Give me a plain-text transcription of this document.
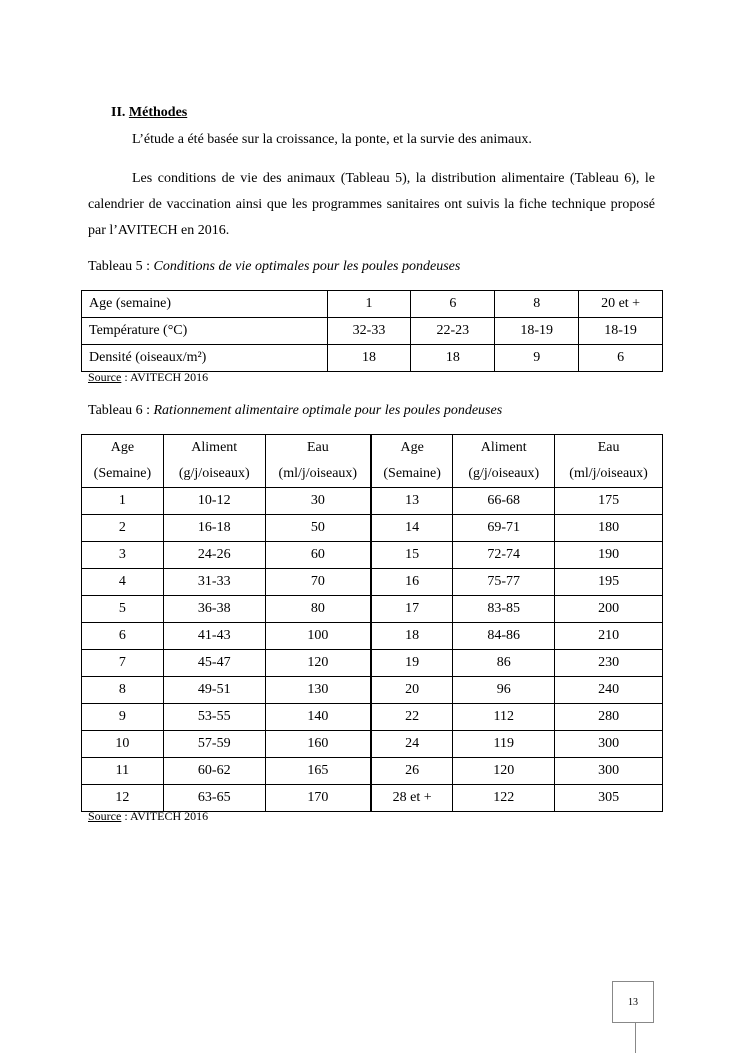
II. Méthodes
L’étude a été basée sur la croissance, la ponte, et la survie des animaux.
Les conditions de vie des animaux (Tableau 5), la distribution alimentaire (Tableau 6), le calendrier de vaccination ainsi que les programmes sanitaires ont suivis la fiche technique proposé par l’AVITECH en 2016.
Tableau 5 : Conditions de vie optimales pour les poules pondeuses
Age (semaine)	1	6	8	20 et +
Température (°C)	32-33	22-23	18-19	18-19
Densité (oiseaux/m²)	18	18	9	6
Source : AVITECH 2016
Tableau 6 : Rationnement alimentaire optimale pour les poules pondeuses
Age	Aliment	Eau	Age	Aliment	Eau
(Semaine)	(g/j/oiseaux)	(ml/j/oiseaux)	(Semaine)	(g/j/oiseaux)	(ml/j/oiseaux)
1	10-12	30	13	66-68	175
2	16-18	50	14	69-71	180
3	24-26	60	15	72-74	190
4	31-33	70	16	75-77	195
5	36-38	80	17	83-85	200
6	41-43	100	18	84-86	210
7	45-47	120	19	86	230
8	49-51	130	20	96	240
9	53-55	140	22	112	280
10	57-59	160	24	119	300
11	60-62	165	26	120	300
12	63-65	170	28 et +	122	305
Source : AVITECH 2016
13
